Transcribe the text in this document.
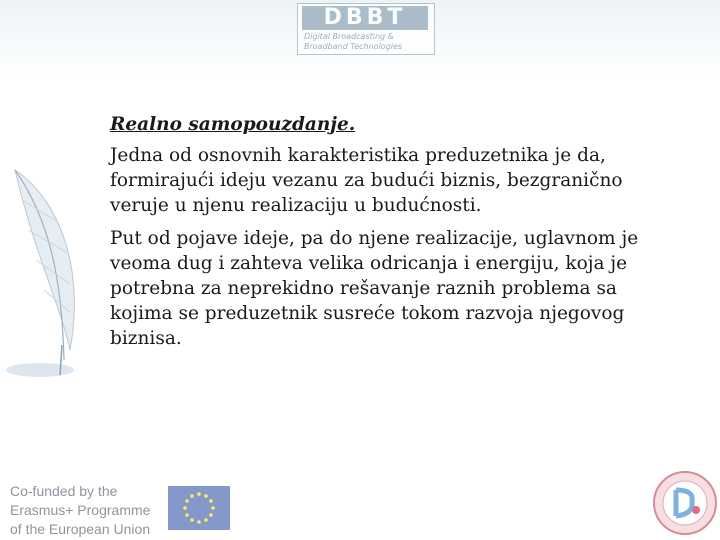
DBBT
Digital Broadcasting &
Broadband Technologies

Realno samopouzdanje.

Jedna od osnovnih karakteristika preduzetnika je da,
formirajući ideju vezanu za budući biznis, bezgranično
veruje u njenu realizaciju u budućnosti.

Put od pojave ideje, pa do njene realizacije, uglavnom je
veoma dug i zahteva velika odricanja i energiju, koja je
potrebna za neprekidno rešavanje raznih problema sa
kojima se preduzetnik susreće tokom razvoja njegovog
biznisa.

Co-funded by the
Erasmus+ Programme
of the European Union
